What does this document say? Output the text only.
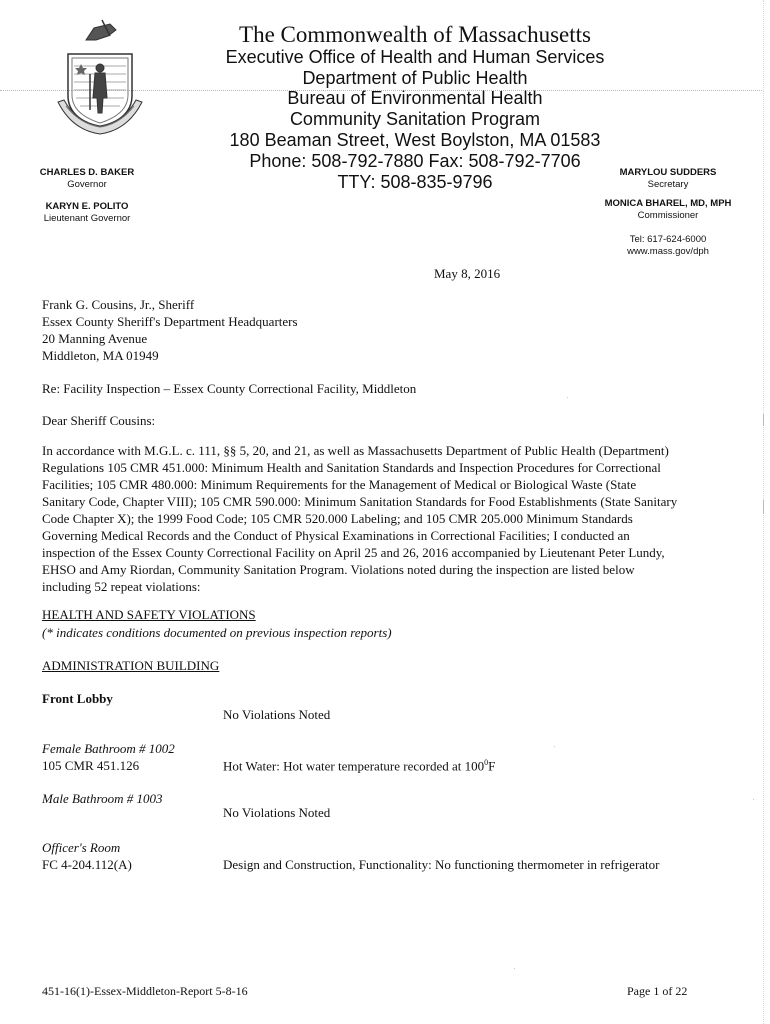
The Commonwealth of Massachusetts
Executive Office of Health and Human Services
Department of Public Health
Bureau of Environmental Health
Community Sanitation Program
180 Beaman Street, West Boylston, MA 01583
Phone: 508-792-7880 Fax: 508-792-7706
TTY: 508-835-9796
CHARLES D. BAKER
Governor
KARYN E. POLITO
Lieutenant Governor
MARYLOU SUDDERS
Secretary
MONICA BHAREL, MD, MPH
Commissioner
Tel: 617-624-6000
www.mass.gov/dph
May 8, 2016
Frank G. Cousins, Jr., Sheriff
Essex County Sheriff's Department Headquarters
20 Manning Avenue
Middleton, MA 01949
Re: Facility Inspection – Essex County Correctional Facility, Middleton
Dear Sheriff Cousins:
In accordance with M.G.L. c. 111, §§ 5, 20, and 21, as well as Massachusetts Department of Public Health (Department)
Regulations 105 CMR 451.000: Minimum Health and Sanitation Standards and Inspection Procedures for Correctional
Facilities; 105 CMR 480.000: Minimum Requirements for the Management of Medical or Biological Waste (State
Sanitary Code, Chapter VIII); 105 CMR 590.000: Minimum Sanitation Standards for Food Establishments (State Sanitary
Code Chapter X); the 1999 Food Code; 105 CMR 520.000 Labeling; and 105 CMR 205.000 Minimum Standards
Governing Medical Records and the Conduct of Physical Examinations in Correctional Facilities; I conducted an
inspection of the Essex County Correctional Facility on April 25 and 26, 2016 accompanied by Lieutenant Peter Lundy,
EHSO and Amy Riordan, Community Sanitation Program. Violations noted during the inspection are listed below
including 52 repeat violations:
HEALTH AND SAFETY VIOLATIONS
(* indicates conditions documented on previous inspection reports)
ADMINISTRATION BUILDING
Front Lobby
No Violations Noted
Female Bathroom # 1002
105 CMR 451.126	Hot Water: Hot water temperature recorded at $100^0F$
Male Bathroom # 1003
No Violations Noted
Officer's Room
FC 4-204.112(A)	Design and Construction, Functionality: No functioning thermometer in refrigerator
451-16(1)-Essex-Middleton-Report 5-8-16	Page 1 of 22
